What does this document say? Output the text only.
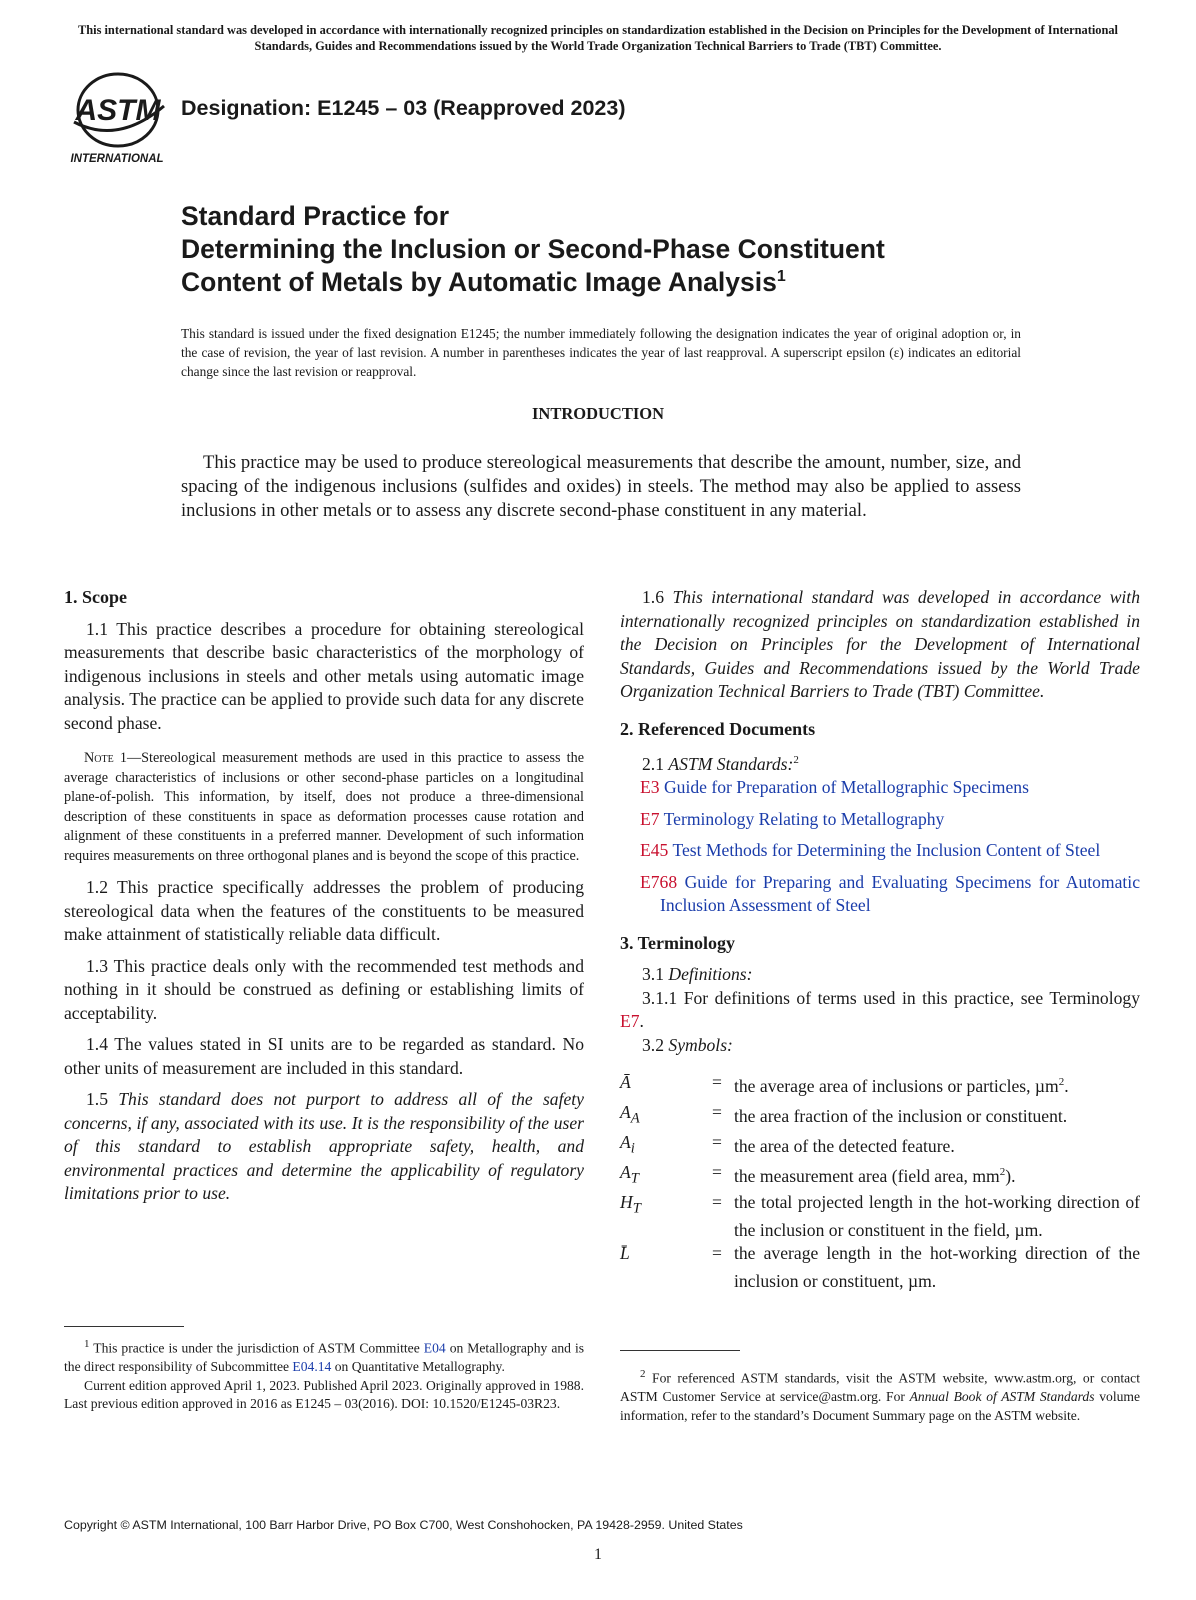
This international standard was developed in accordance with internationally recognized principles on standardization established in the Decision on Principles for the Development of International Standards, Guides and Recommendations issued by the World Trade Organization Technical Barriers to Trade (TBT) Committee.
ASTM
INTERNATIONAL
Designation: E1245 – 03 (Reapproved 2023)
Standard Practice for
Determining the Inclusion or Second-Phase Constituent
Content of Metals by Automatic Image Analysis$^1$
This standard is issued under the fixed designation E1245; the number immediately following the designation indicates the year of original adoption or, in the case of revision, the year of last revision. A number in parentheses indicates the year of last reapproval. A superscript epsilon (ε) indicates an editorial change since the last revision or reapproval.
INTRODUCTION
This practice may be used to produce stereological measurements that describe the amount, number, size, and spacing of the indigenous inclusions (sulfides and oxides) in steels. The method may also be applied to assess inclusions in other metals or to assess any discrete second-phase constituent in any material.
1. Scope

1.1 This practice describes a procedure for obtaining stereological measurements that describe basic characteristics of the morphology of indigenous inclusions in steels and other metals using automatic image analysis. The practice can be applied to provide such data for any discrete second phase.

Note 1—Stereological measurement methods are used in this practice to assess the average characteristics of inclusions or other second-phase particles on a longitudinal plane-of-polish. This information, by itself, does not produce a three-dimensional description of these constituents in space as deformation processes cause rotation and alignment of these constituents in a preferred manner. Development of such information requires measurements on three orthogonal planes and is beyond the scope of this practice.

1.2 This practice specifically addresses the problem of producing stereological data when the features of the constituents to be measured make attainment of statistically reliable data difficult.

1.3 This practice deals only with the recommended test methods and nothing in it should be construed as defining or establishing limits of acceptability.

1.4 The values stated in SI units are to be regarded as standard. No other units of measurement are included in this standard.

1.5 This standard does not purport to address all of the safety concerns, if any, associated with its use. It is the responsibility of the user of this standard to establish appropriate safety, health, and environmental practices and determine the applicability of regulatory limitations prior to use.

$^1$ This practice is under the jurisdiction of ASTM Committee E04 on Metallography and is the direct responsibility of Subcommittee E04.14 on Quantitative Metallography.

Current edition approved April 1, 2023. Published April 2023. Originally approved in 1988. Last previous edition approved in 2016 as E1245 – 03(2016). DOI: 10.1520/E1245-03R23.

1.6 This international standard was developed in accordance with internationally recognized principles on standardization established in the Decision on Principles for the Development of International Standards, Guides and Recommendations issued by the World Trade Organization Technical Barriers to Trade (TBT) Committee.

2. Referenced Documents

2.1 ASTM Standards:$^2$

E3 Guide for Preparation of Metallographic Specimens

E7 Terminology Relating to Metallography

E45 Test Methods for Determining the Inclusion Content of Steel

E768 Guide for Preparing and Evaluating Specimens for Automatic Inclusion Assessment of Steel

3. Terminology

3.1 Definitions:

3.1.1 For definitions of terms used in this practice, see Terminology E7.

3.2 Symbols:

Ā	=	the average area of inclusions or particles, µm$^2$.
$A_A$	=	the area fraction of the inclusion or constituent.
$A_i$	=	the area of the detected feature.
$A_T$	=	the measurement area (field area, $mm^2$).
$H_T$	=	the total projected length in the hot-working direction of the inclusion or constituent in the field, µm.
L̄	=	the average length in the hot-working direction of the inclusion or constituent, µm.

$^2$ For referenced ASTM standards, visit the ASTM website, www.astm.org, or contact ASTM Customer Service at service@astm.org. For Annual Book of ASTM Standards volume information, refer to the standard’s Document Summary page on the ASTM website.

Copyright © ASTM International, 100 Barr Harbor Drive, PO Box C700, West Conshohocken, PA 19428-2959. United States
1
